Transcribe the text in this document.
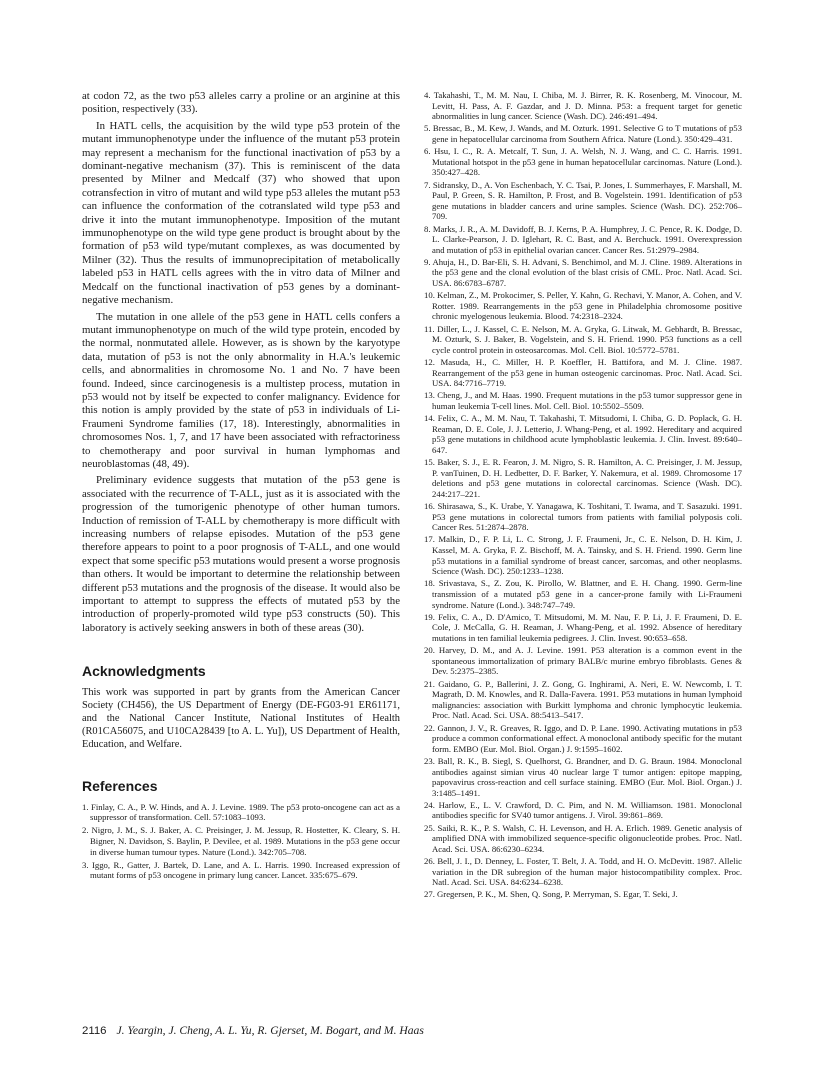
at codon 72, as the two p53 alleles carry a proline or an arginine at this position, respectively (33).

In HATL cells, the acquisition by the wild type p53 protein of the mutant immunophenotype under the influence of the mutant p53 protein may represent a mechanism for the functional inactivation of p53 by a dominant-negative mechanism (37). This is reminiscent of the data presented by Milner and Medcalf (37) who showed that upon cotransfection in vitro of mutant and wild type p53 alleles the mutant p53 can influence the conformation of the cotranslated wild type p53 and drive it into the mutant immunophenotype. Imposition of the mutant immunophenotype on the wild type gene product is brought about by the formation of p53 wild type/mutant complexes, as was documented by Milner (32). Thus the results of immunoprecipitation of metabolically labeled p53 in HATL cells agrees with the in vitro data of Milner and Medcalf on the functional inactivation of p53 genes by a dominant-negative mechanism.

The mutation in one allele of the p53 gene in HATL cells confers a mutant immunophenotype on much of the wild type protein, encoded by the normal, nonmutated allele. However, as is shown by the karyotype data, mutation of p53 is not the only abnormality in H.A.'s leukemic cells, and abnormalities in chromosome No. 1 and No. 7 have been found. Indeed, since carcinogenesis is a multistep process, mutation in p53 would not by itself be expected to confer malignancy. Evidence for this notion is amply provided by the state of p53 in individuals of Li-Fraumeni Syndrome families (17, 18). Interestingly, abnormalities in chromosomes Nos. 1, 7, and 17 have been associated with refractoriness to chemotherapy and poor survival in human lymphomas and neuroblastomas (48, 49).

Preliminary evidence suggests that mutation of the p53 gene is associated with the recurrence of T-ALL, just as it is associated with the progression of the tumorigenic phenotype of other human tumors. Induction of remission of T-ALL by chemotherapy is more difficult with increasing numbers of relapse episodes. Mutation of the p53 gene therefore appears to point to a poor prognosis of T-ALL, and one would expect that some specific p53 mutations would present a worse prognosis than others. It would be important to determine the relationship between different p53 mutations and the prognosis of the disease. It would also be important to attempt to suppress the effects of mutated p53 by the introduction of properly-promoted wild type p53 constructs (50). This laboratory is actively seeking answers in both of these areas (30).

Acknowledgments

This work was supported in part by grants from the American Cancer Society (CH456), the US Department of Energy (DE-FG03-91 ER61171, and the National Cancer Institute, National Institutes of Health (R01CA56075, and U10CA28439 [to A. L. Yu]), US Department of Health, Education, and Welfare.

References
1. Finlay, C. A., P. W. Hinds, and A. J. Levine. 1989. The p53 proto-oncogene can act as a suppressor of transformation. Cell. 57:1083–1093.
2. Nigro, J. M., S. J. Baker, A. C. Preisinger, J. M. Jessup, R. Hostetter, K. Cleary, S. H. Bigner, N. Davidson, S. Baylin, P. Devilee, et al. 1989. Mutations in the p53 gene occur in diverse human tumour types. Nature (Lond.). 342:705–708.
3. Iggo, R., Gatter, J. Bartek, D. Lane, and A. L. Harris. 1990. Increased expression of mutant forms of p53 oncogene in primary lung cancer. Lancet. 335:675–679.
4. Takahashi, T., M. M. Nau, I. Chiba, M. J. Birrer, R. K. Rosenberg, M. Vinocour, M. Levitt, H. Pass, A. F. Gazdar, and J. D. Minna. P53: a frequent target for genetic abnormalities in lung cancer. Science (Wash. DC). 246:491–494.
5. Bressac, B., M. Kew, J. Wands, and M. Ozturk. 1991. Selective G to T mutations of p53 gene in hepatocellular carcinoma from Southern Africa. Nature (Lond.). 350:429–431.
6. Hsu, I. C., R. A. Metcalf, T. Sun, J. A. Welsh, N. J. Wang, and C. C. Harris. 1991. Mutational hotspot in the p53 gene in human hepatocellular carcinomas. Nature (Lond.). 350:427–428.
7. Sidransky, D., A. Von Eschenbach, Y. C. Tsai, P. Jones, I. Summerhayes, F. Marshall, M. Paul, P. Green, S. R. Hamilton, P. Frost, and B. Vogelstein. 1991. Identification of p53 gene mutations in bladder cancers and urine samples. Science (Wash. DC). 252:706–709.
8. Marks, J. R., A. M. Davidoff, B. J. Kerns, P. A. Humphrey, J. C. Pence, R. K. Dodge, D. L. Clarke-Pearson, J. D. Iglehart, R. C. Bast, and A. Berchuck. 1991. Overexpression and mutation of p53 in epithelial ovarian cancer. Cancer Res. 51:2979–2984.
9. Ahuja, H., D. Bar-Eli, S. H. Advani, S. Benchimol, and M. J. Cline. 1989. Alterations in the p53 gene and the clonal evolution of the blast crisis of CML. Proc. Natl. Acad. Sci. USA. 86:6783–6787.
10. Kelman, Z., M. Prokocimer, S. Peller, Y. Kahn, G. Rechavi, Y. Manor, A. Cohen, and V. Rotter. 1989. Rearrangements in the p53 gene in Philadelphia chromosome positive chronic myelogenous leukemia. Blood. 74:2318–2324.
11. Diller, L., J. Kassel, C. E. Nelson, M. A. Gryka, G. Litwak, M. Gebhardt, B. Bressac, M. Ozturk, S. J. Baker, B. Vogelstein, and S. H. Friend. 1990. P53 functions as a cell cycle control protein in osteosarcomas. Mol. Cell. Biol. 10:5772–5781.
12. Masuda, H., C. Miller, H. P. Koeffler, H. Battifora, and M. J. Cline. 1987. Rearrangement of the p53 gene in human osteogenic carcinomas. Proc. Natl. Acad. Sci. USA. 84:7716–7719.
13. Cheng, J., and M. Haas. 1990. Frequent mutations in the p53 tumor suppressor gene in human leukemia T-cell lines. Mol. Cell. Biol. 10:5502–5509.
14. Felix, C. A., M. M. Nau, T. Takahashi, T. Mitsudomi, I. Chiba, G. D. Poplack, G. H. Reaman, D. E. Cole, J. J. Letterio, J. Whang-Peng, et al. 1992. Hereditary and acquired p53 gene mutations in childhood acute lymphoblastic leukemia. J. Clin. Invest. 89:640–647.
15. Baker, S. J., E. R. Fearon, J. M. Nigro, S. R. Hamilton, A. C. Preisinger, J. M. Jessup, P. vanTuinen, D. H. Ledbetter, D. F. Barker, Y. Nakemura, et al. 1989. Chromosome 17 deletions and p53 gene mutations in colorectal carcinomas. Science (Wash. DC). 244:217–221.
16. Shirasawa, S., K. Urabe, Y. Yanagawa, K. Toshitani, T. Iwama, and T. Sasazuki. 1991. P53 gene mutations in colorectal tumors from patients with familial polyposis coli. Cancer Res. 51:2874–2878.
17. Malkin, D., F. P. Li, L. C. Strong, J. F. Fraumeni, Jr., C. E. Nelson, D. H. Kim, J. Kassel, M. A. Gryka, F. Z. Bischoff, M. A. Tainsky, and S. H. Friend. 1990. Germ line p53 mutations in a familial syndrome of breast cancer, sarcomas, and other neoplasms. Science (Wash. DC). 250:1233–1238.
18. Srivastava, S., Z. Zou, K. Pirollo, W. Blattner, and E. H. Chang. 1990. Germ-line transmission of a mutated p53 gene in a cancer-prone family with Li-Fraumeni syndrome. Nature (Lond.). 348:747–749.
19. Felix, C. A., D. D'Amico, T. Mitsudomi, M. M. Nau, F. P. Li, J. F. Fraumeni, D. E. Cole, J. McCalla, G. H. Reaman, J. Whang-Peng, et al. 1992. Absence of hereditary mutations in ten familial leukemia pedigrees. J. Clin. Invest. 90:653–658.
20. Harvey, D. M., and A. J. Levine. 1991. P53 alteration is a common event in the spontaneous immortalization of primary BALB/c murine embryo fibroblasts. Genes & Dev. 5:2375–2385.
21. Gaidano, G. P., Ballerini, J. Z. Gong, G. Inghirami, A. Neri, E. W. Newcomb, I. T. Magrath, D. M. Knowles, and R. Dalla-Favera. 1991. P53 mutations in human lymphoid malignancies: association with Burkitt lymphoma and chronic lymphocytic leukemia. Proc. Natl. Acad. Sci. USA. 88:5413–5417.
22. Gannon, J. V., R. Greaves, R. Iggo, and D. P. Lane. 1990. Activating mutations in p53 produce a common conformational effect. A monoclonal antibody specific for the mutant form. EMBO (Eur. Mol. Biol. Organ.) J. 9:1595–1602.
23. Ball, R. K., B. Siegl, S. Quelhorst, G. Brandner, and D. G. Braun. 1984. Monoclonal antibodies against simian virus 40 nuclear large T tumor antigen: epitope mapping, papovavirus cross-reaction and cell surface staining. EMBO (Eur. Mol. Biol. Organ.) J. 3:1485–1491.
24. Harlow, E., L. V. Crawford, D. C. Pim, and N. M. Williamson. 1981. Monoclonal antibodies specific for SV40 tumor antigens. J. Virol. 39:861–869.
25. Saiki, R. K., P. S. Walsh, C. H. Levenson, and H. A. Erlich. 1989. Genetic analysis of amplified DNA with immobilized sequence-specific oligonucleotide probes. Proc. Natl. Acad. Sci. USA. 86:6230–6234.
26. Bell, J. I., D. Denney, L. Foster, T. Belt, J. A. Todd, and H. O. McDevitt. 1987. Allelic variation in the DR subregion of the human major histocompatibility complex. Proc. Natl. Acad. Sci. USA. 84:6234–6238.
27. Gregersen, P. K., M. Shen, Q. Song, P. Merryman, S. Egar, T. Seki, J.
2116 J. Yeargin, J. Cheng, A. L. Yu, R. Gjerset, M. Bogart, and M. Haas
